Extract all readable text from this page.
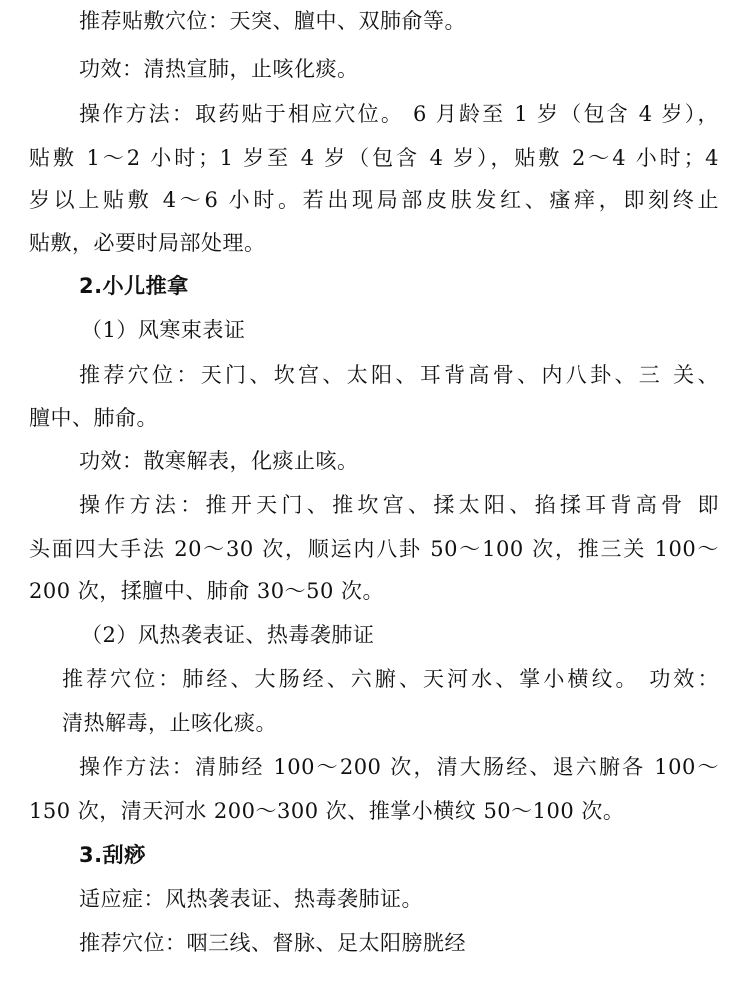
推荐贴敷穴位：天突、膻中、双肺俞等。

功效：清热宣肺，止咳化痰。

操作方法：取药贴于相应穴位。 6 月龄至 1 岁（包含 4 岁），

贴敷 1～2 小时；1 岁至 4 岁（包含 4 岁），贴敷 2～4 小时；4

岁以上贴敷 4～6 小时。若出现局部皮肤发红、瘙痒，即刻终止

贴敷，必要时局部处理。

2.小儿推拿

（1）风寒束表证

推荐穴位：天门、坎宫、太阳、耳背高骨、内八卦、三 关、

膻中、肺俞。

功效：散寒解表，化痰止咳。

操作方法：推开天门、推坎宫、揉太阳、掐揉耳背高骨 即

头面四大手法 20～30 次，顺运内八卦 50～100 次，推三关 100～

200 次，揉膻中、肺俞 30～50 次。

（2）风热袭表证、热毒袭肺证

推荐穴位：肺经、大肠经、六腑、天河水、掌小横纹。 功效：

清热解毒，止咳化痰。

操作方法：清肺经 100～200 次，清大肠经、退六腑各 100～

150 次，清天河水 200～300 次、推掌小横纹 50～100 次。

3.刮痧

适应症：风热袭表证、热毒袭肺证。

推荐穴位：咽三线、督脉、足太阳膀胱经
